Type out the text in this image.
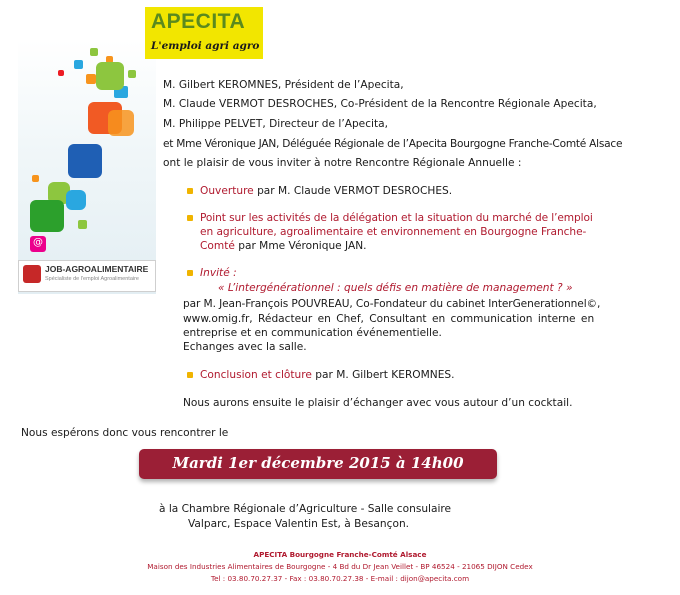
@
JOB-AGROALIMENTAIRE
Spécialiste de l'emploi Agroalimentaire
APECITA
L'emploi agri agro
M. Gilbert KEROMNES, Président de l’Apecita,
M. Claude VERMOT DESROCHES, Co-Président de la Rencontre Régionale Apecita,
M. Philippe PELVET, Directeur de l’Apecita,
et Mme Véronique JAN, Déléguée Régionale de l’Apecita Bourgogne Franche-Comté Alsace
ont le plaisir de vous inviter à notre Rencontre Régionale Annuelle :
Ouverture par M. Claude VERMOT DESROCHES.
Point sur les activités de la délégation et la situation du marché de l’emploi
en agriculture, agroalimentaire et environnement en Bourgogne Franche-
Comté par Mme Véronique JAN.
Invité :
« L’intergénérationnel : quels défis en matière de management ? »
par M. Jean-François POUVREAU, Co-Fondateur du cabinet InterGenerationnel©,
www.omig.fr, Rédacteur en Chef, Consultant en communication interne en
entreprise et en communication événementielle.
Echanges avec la salle.
Conclusion et clôture par M. Gilbert KEROMNES.
Nous aurons ensuite le plaisir d’échanger avec vous autour d’un cocktail.
Nous espérons donc vous rencontrer le
Mardi 1er décembre 2015 à 14h00
à la Chambre Régionale d’Agriculture - Salle consulaire
Valparc, Espace Valentin Est, à Besançon.
APECITA Bourgogne Franche-Comté Alsace
Maison des Industries Alimentaires de Bourgogne - 4 Bd du Dr Jean Veillet - BP 46524 - 21065 DIJON Cedex
Tel : 03.80.70.27.37 - Fax : 03.80.70.27.38 - E-mail : dijon@apecita.com
